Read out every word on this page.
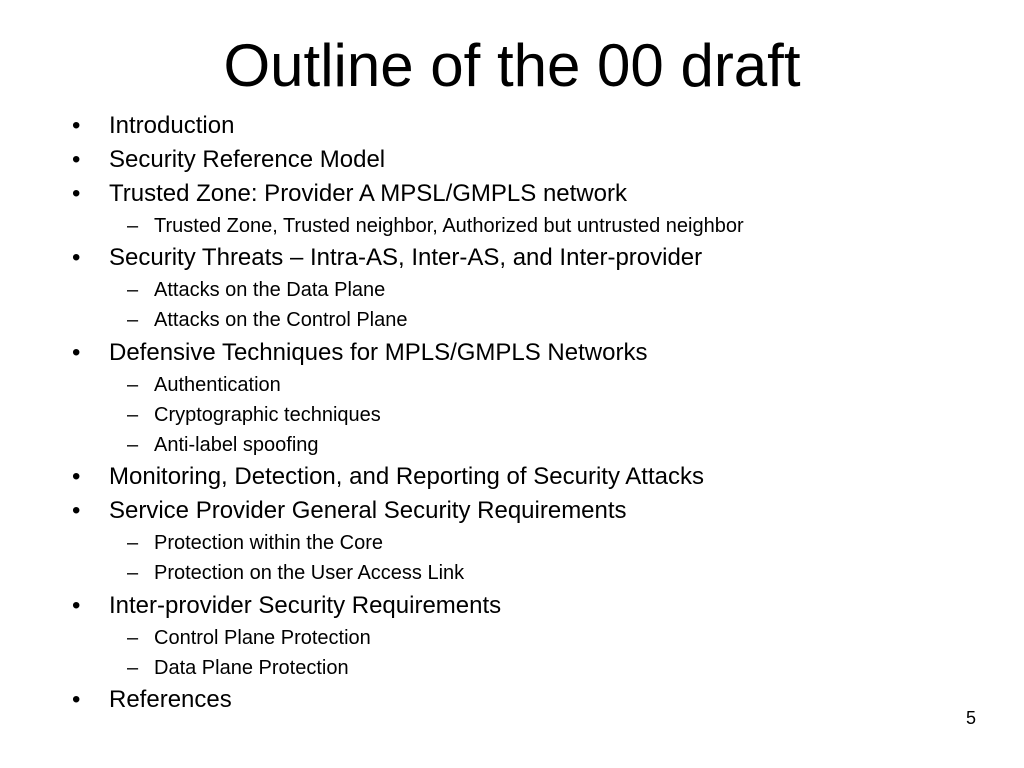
Outline of the 00 draft
• Introduction
• Security Reference Model
• Trusted Zone: Provider A MPSL/GMPLS network
– Trusted Zone, Trusted neighbor, Authorized but untrusted neighbor
• Security Threats – Intra-AS, Inter-AS, and Inter-provider
– Attacks on the Data Plane
– Attacks on the Control Plane
• Defensive Techniques for MPLS/GMPLS Networks
– Authentication
– Cryptographic techniques
– Anti-label spoofing
• Monitoring, Detection, and Reporting of Security Attacks
• Service Provider General Security Requirements
– Protection within the Core
– Protection on the User Access Link
• Inter-provider Security Requirements
– Control Plane Protection
– Data Plane Protection
• References
5
